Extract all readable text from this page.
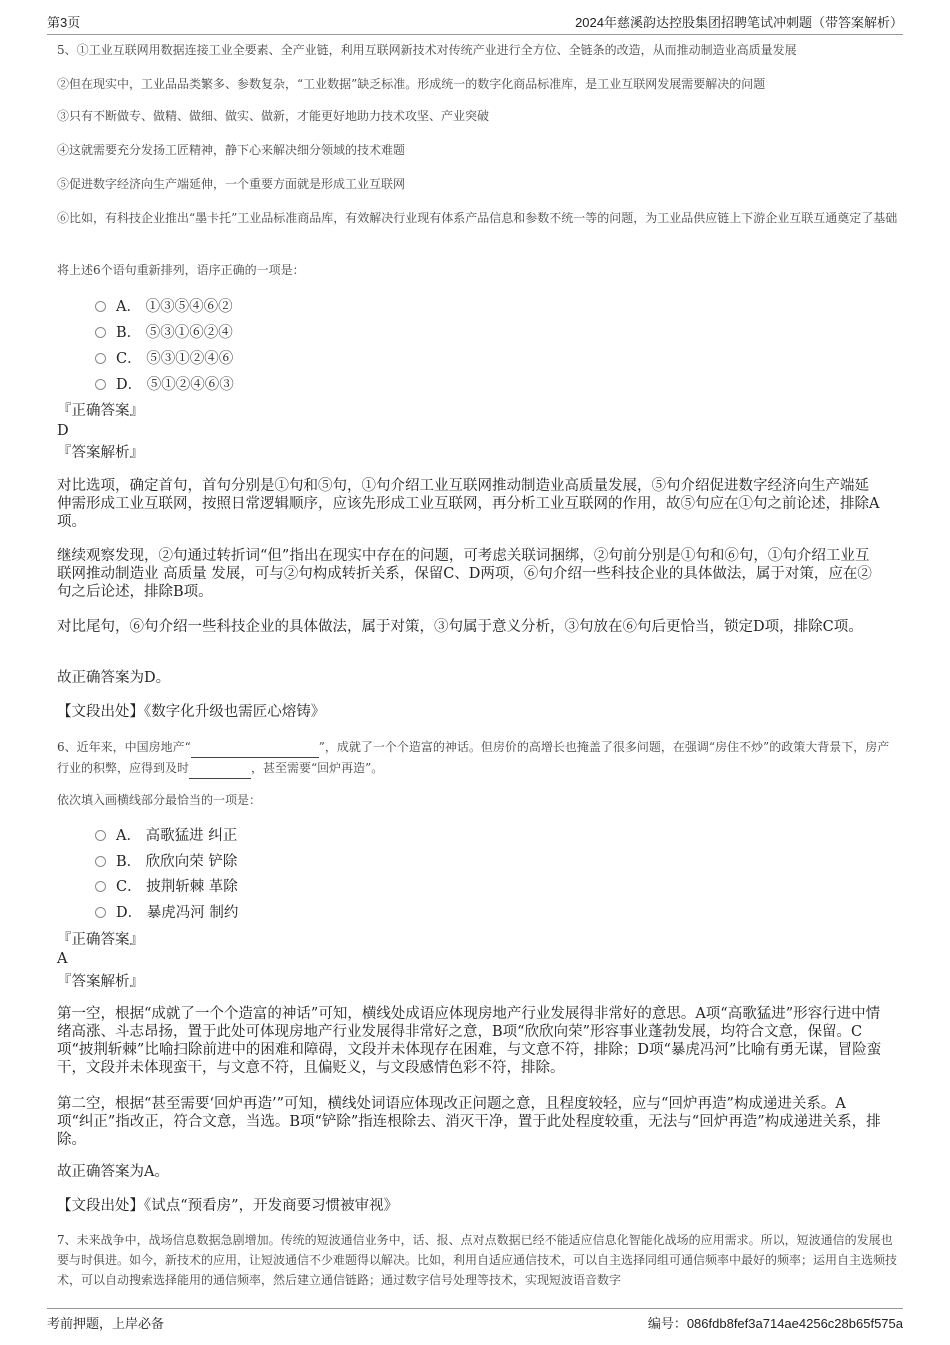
第3页	2024年慈溪韵达控股集团招聘笔试冲刺题（带答案解析）

5、①工业互联网用数据连接工业全要素、全产业链，利用互联网新技术对传统产业进行全方位、全链条的改造，从而推动制造业高质量发展

②但在现实中，工业品品类繁多、参数复杂，“工业数据”缺乏标准。形成统一的数字化商品标准库，是工业互联网发展需要解决的问题

③只有不断做专、做精、做细、做实、做新，才能更好地助力技术攻坚、产业突破

④这就需要充分发扬工匠精神，静下心来解决细分领域的技术难题

⑤促进数字经济向生产端延伸，一个重要方面就是形成工业互联网

⑥比如，有科技企业推出“墨卡托”工业品标准商品库，有效解决行业现有体系产品信息和参数不统一等的问题，为工业品供应链上下游企业互联互通奠定了基础

将上述6个语句重新排列，语序正确的一项是：

A． ①③⑤④⑥②
B． ⑤③①⑥②④
C． ⑤③①②④⑥
D． ⑤①②④⑥③

『正确答案』

D

『答案解析』

对比选项，确定首句，首句分别是①句和⑤句，①句介绍工业互联网推动制造业高质量发展，⑤句介绍促进数字经济向生产端延伸需形成工业互联网，按照日常逻辑顺序，应该先形成工业互联网，再分析工业互联网的作用，故⑤句应在①句之前论述，排除A项。

继续观察发现，②句通过转折词“但”指出在现实中存在的问题，可考虑关联词捆绑，②句前分别是①句和⑥句，①句介绍工业互联网推动制造业 高质量 发展，可与②句构成转折关系，保留C、D两项，⑥句介绍一些科技企业的具体做法，属于对策，应在②句之后论述，排除B项。

对比尾句，⑥句介绍一些科技企业的具体做法，属于对策，③句属于意义分析，③句放在⑥句后更恰当，锁定D项，排除C项。

故正确答案为D。

【文段出处】《数字化升级也需匠心熔铸》

6、近年来，中国房地产“	”，成就了一个个造富的神话。但房价的高增长也掩盖了很多问题，在强调“房住不炒”的政策大背景下，房产行业的积弊，应得到及时	，甚至需要“回炉再造”。

依次填入画横线部分最恰当的一项是：

A． 高歌猛进 纠正
B． 欣欣向荣 铲除
C． 披荆斩棘 革除
D． 暴虎冯河 制约

『正确答案』

A

『答案解析』

第一空，根据“成就了一个个造富的神话”可知，横线处成语应体现房地产行业发展得非常好的意思。A项“高歌猛进”形容行进中情绪高涨、斗志昂扬，置于此处可体现房地产行业发展得非常好之意，B项“欣欣向荣”形容事业蓬勃发展，均符合文意，保留。C项“披荆斩棘”比喻扫除前进中的困难和障碍，文段并未体现存在困难，与文意不符，排除；D项“暴虎冯河”比喻有勇无谋，冒险蛮干，文段并未体现蛮干，与文意不符，且偏贬义，与文段感情色彩不符，排除。

第二空，根据“甚至需要‘回炉再造’”可知，横线处词语应体现改正问题之意，且程度较轻，应与“回炉再造”构成递进关系。A项“纠正”指改正，符合文意，当选。B项“铲除”指连根除去、消灭干净，置于此处程度较重，无法与“回炉再造”构成递进关系，排除。

故正确答案为A。

【文段出处】《试点“预看房”，开发商要习惯被审视》

7、未来战争中，战场信息数据急剧增加。传统的短波通信业务中，话、报、点对点数据已经不能适应信息化智能化战场的应用需求。所以，短波通信的发展也要与时俱进。如今，新技术的应用，让短波通信不少难题得以解决。比如，利用自适应通信技术，可以自主选择同组可通信频率中最好的频率；运用自主选频技术，可以自动搜索选择能用的通信频率，然后建立通信链路；通过数字信号处理等技术，实现短波语音数字

考前押题，上岸必备	编号：086fdb8fef3a714ae4256c28b65f575a
